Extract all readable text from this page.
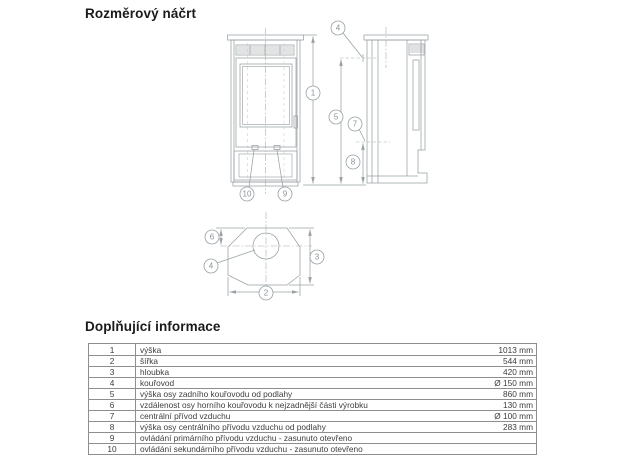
Rozměrový náčrt
1
4
5
7
8
10	9
6
4
3
2
Doplňující informace
1	výška	1013 mm
2	šířka	544 mm
3	hloubka	420 mm
4	kouřovod	Ø 150 mm
5	výška osy zadního kouřovodu od podlahy	860 mm
6	vzdálenost osy horního kouřovodu k nejzadnější části výrobku	130 mm
7	centrální přívod vzduchu	Ø 100 mm
8	výška osy centrálního přívodu vzduchu od podlahy	283 mm
9	ovládání primárního přívodu vzduchu - zasunuto otevřeno
10	ovládání sekundárního přívodu vzduchu - zasunuto otevřeno
